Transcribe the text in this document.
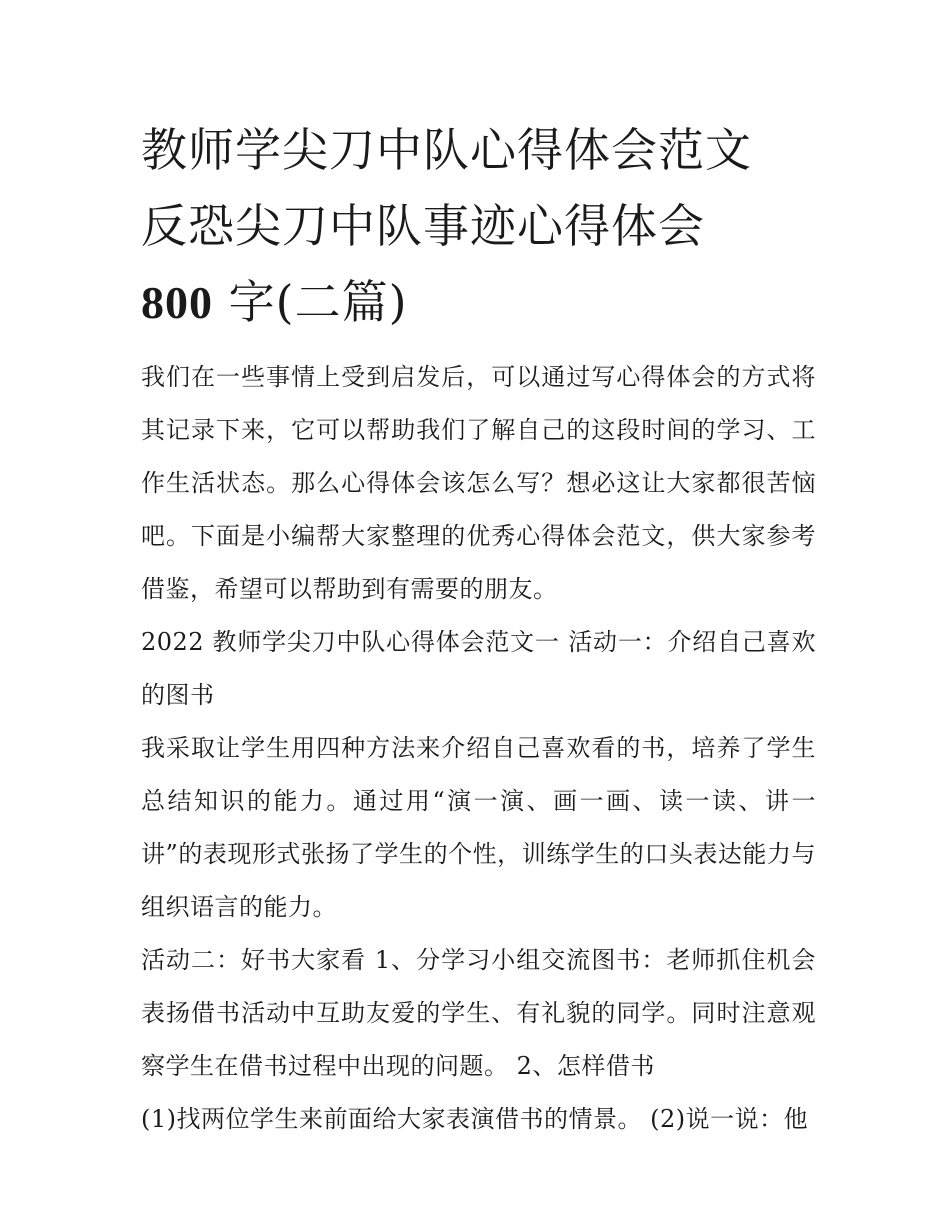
教师学尖刀中队心得体会范文
反恐尖刀中队事迹心得体会
800 字(二篇)

我们在一些事情上受到启发后，可以通过写心得体会的方式将其记录下来，它可以帮助我们了解自己的这段时间的学习、工作生活状态。那么心得体会该怎么写？想必这让大家都很苦恼吧。下面是小编帮大家整理的优秀心得体会范文，供大家参考借鉴，希望可以帮助到有需要的朋友。

2022 教师学尖刀中队心得体会范文一 活动一：介绍自己喜欢的图书

我采取让学生用四种方法来介绍自己喜欢看的书，培养了学生总结知识的能力。通过用“演一演、画一画、读一读、讲一讲”的表现形式张扬了学生的个性，训练学生的口头表达能力与组织语言的能力。

活动二：好书大家看 1、分学习小组交流图书：老师抓住机会表扬借书活动中互助友爱的学生、有礼貌的同学。同时注意观察学生在借书过程中出现的问题。 2、怎样借书

(1)找两位学生来前面给大家表演借书的情景。 (2)说一说：他
